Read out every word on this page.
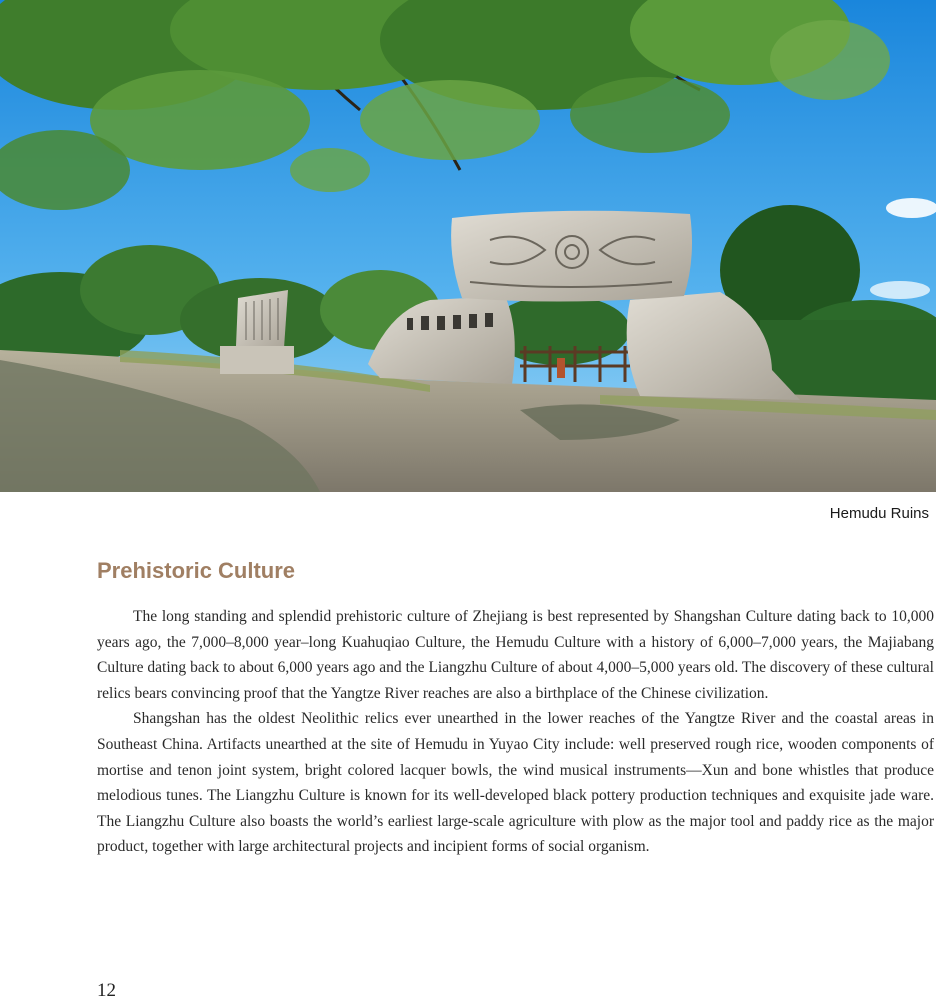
Hemudu Ruins
Prehistoric Culture

The long standing and splendid prehistoric culture of Zhejiang is best represented by Shangshan Culture dating back to 10,000 years ago, the 7,000–8,000 year–long Kuahuqiao Culture, the Hemudu Culture with a history of 6,000–7,000 years, the Majiabang Culture dating back to about 6,000 years ago and the Liangzhu Culture of about 4,000–5,000 years old. The discovery of these cultural relics bears convincing proof that the Yangtze River reaches are also a birthplace of the Chinese civilization.

Shangshan has the oldest Neolithic relics ever unearthed in the lower reaches of the Yangtze River and the coastal areas in Southeast China. Artifacts unearthed at the site of Hemudu in Yuyao City include: well preserved rough rice, wooden components of mortise and tenon joint system, bright colored lacquer bowls, the wind musical instruments—Xun and bone whistles that produce melodious tunes. The Liangzhu Culture is known for its well-developed black pottery production techniques and exquisite jade ware. The Liangzhu Culture also boasts the world’s earliest large-scale agriculture with plow as the major tool and paddy rice as the major product, together with large architectural projects and incipient forms of social organism.

12
